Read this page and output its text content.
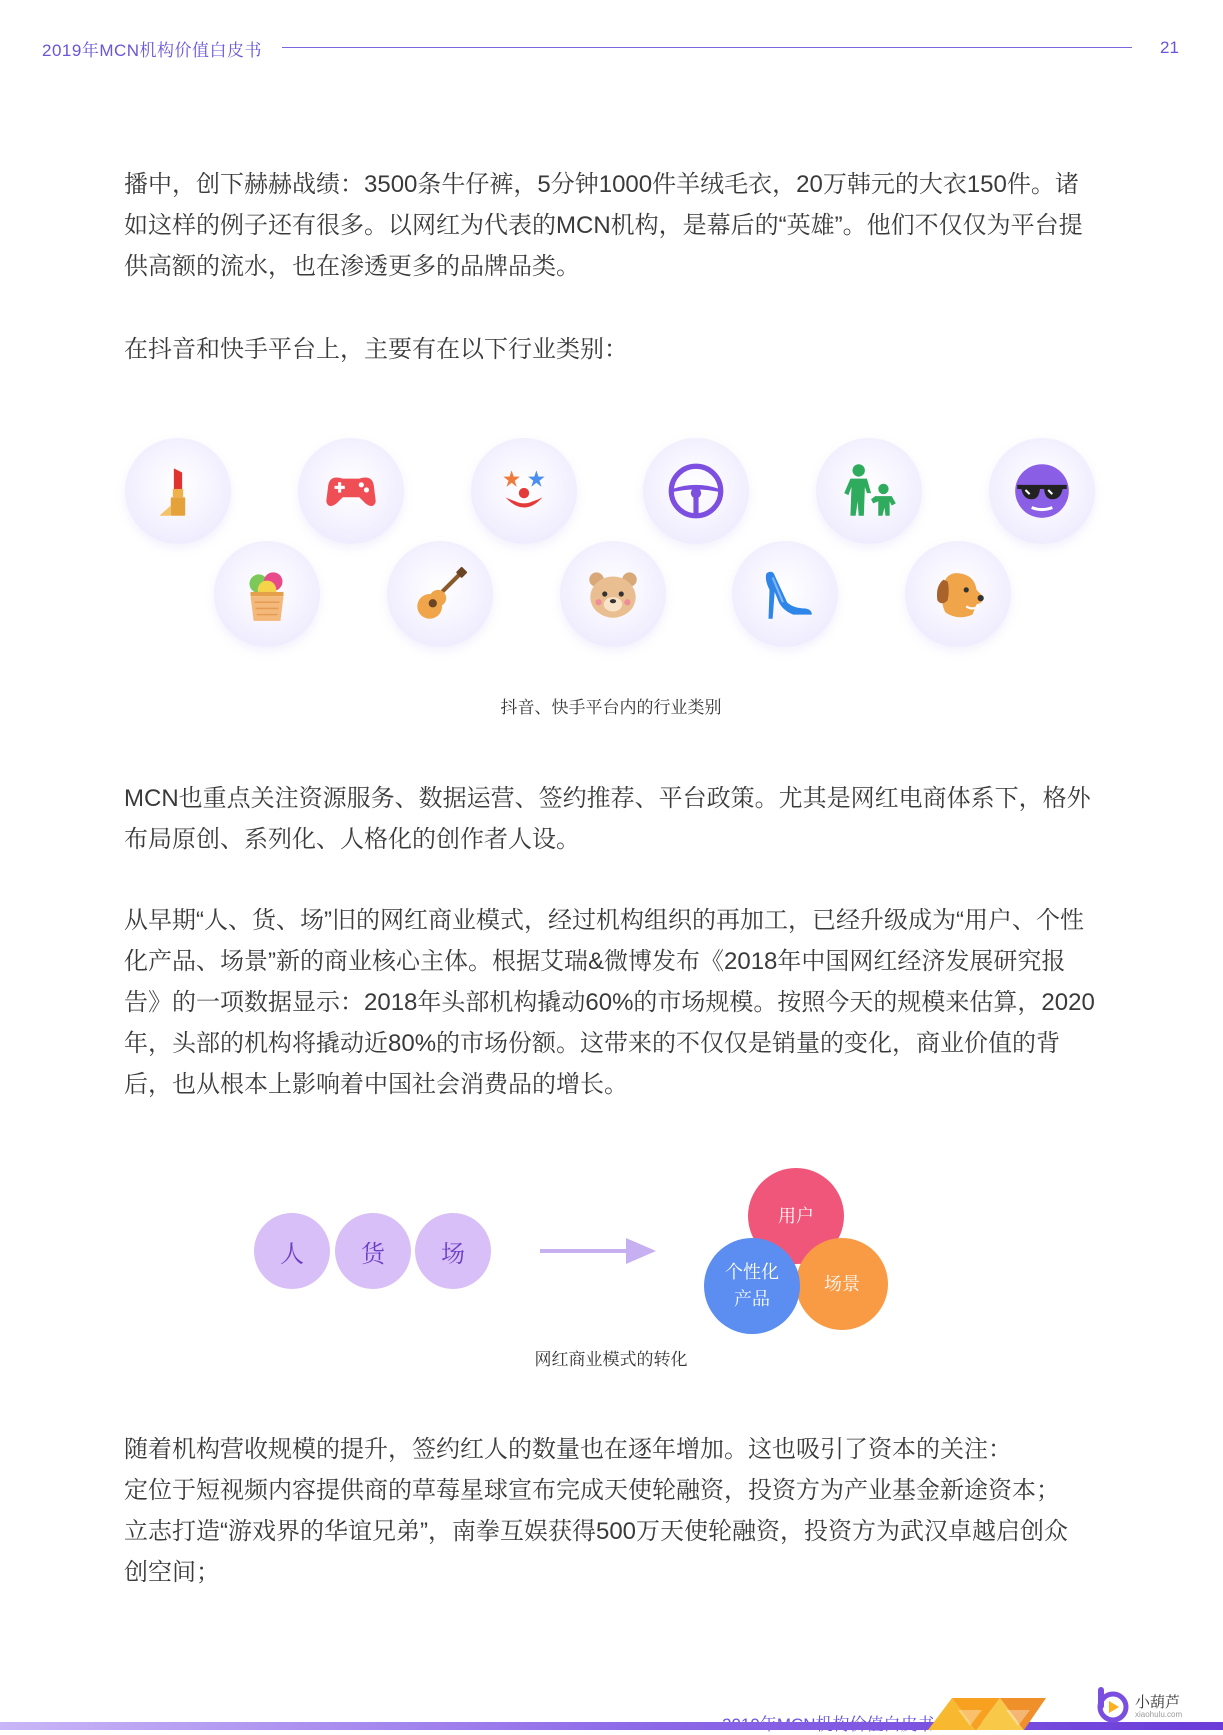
2019年MCN机构价值白皮书	21

播中，创下赫赫战绩：3500条牛仔裤，5分钟1000件羊绒毛衣，20万韩元的大衣150件。诸
如这样的例子还有很多。以网红为代表的MCN机构，是幕后的“英雄”。他们不仅仅为平台提
供高额的流水，也在渗透更多的品牌品类。

在抖音和快手平台上，主要有在以下行业类别：

抖音、快手平台内的行业类别

MCN也重点关注资源服务、数据运营、签约推荐、平台政策。尤其是网红电商体系下，格外
布局原创、系列化、人格化的创作者人设。

从早期“人、货、场”旧的网红商业模式，经过机构组织的再加工，已经升级成为“用户、个性
化产品、场景”新的商业核心主体。根据艾瑞&微博发布《2018年中国网红经济发展研究报
告》的一项数据显示：2018年头部机构撬动60%的市场规模。按照今天的规模来估算，2020
年，头部的机构将撬动近80%的市场份额。这带来的不仅仅是销量的变化，商业价值的背
后，也从根本上影响着中国社会消费品的增长。

人	货	场
用户
场景
个性化
产品
网红商业模式的转化

随着机构营收规模的提升，签约红人的数量也在逐年增加。这也吸引了资本的关注：
定位于短视频内容提供商的草莓星球宣布完成天使轮融资，投资方为产业基金新途资本；
立志打造“游戏界的华谊兄弟”，南拳互娱获得500万天使轮融资，投资方为武汉卓越启创众
创空间；

小葫芦
xiaohulu.com
